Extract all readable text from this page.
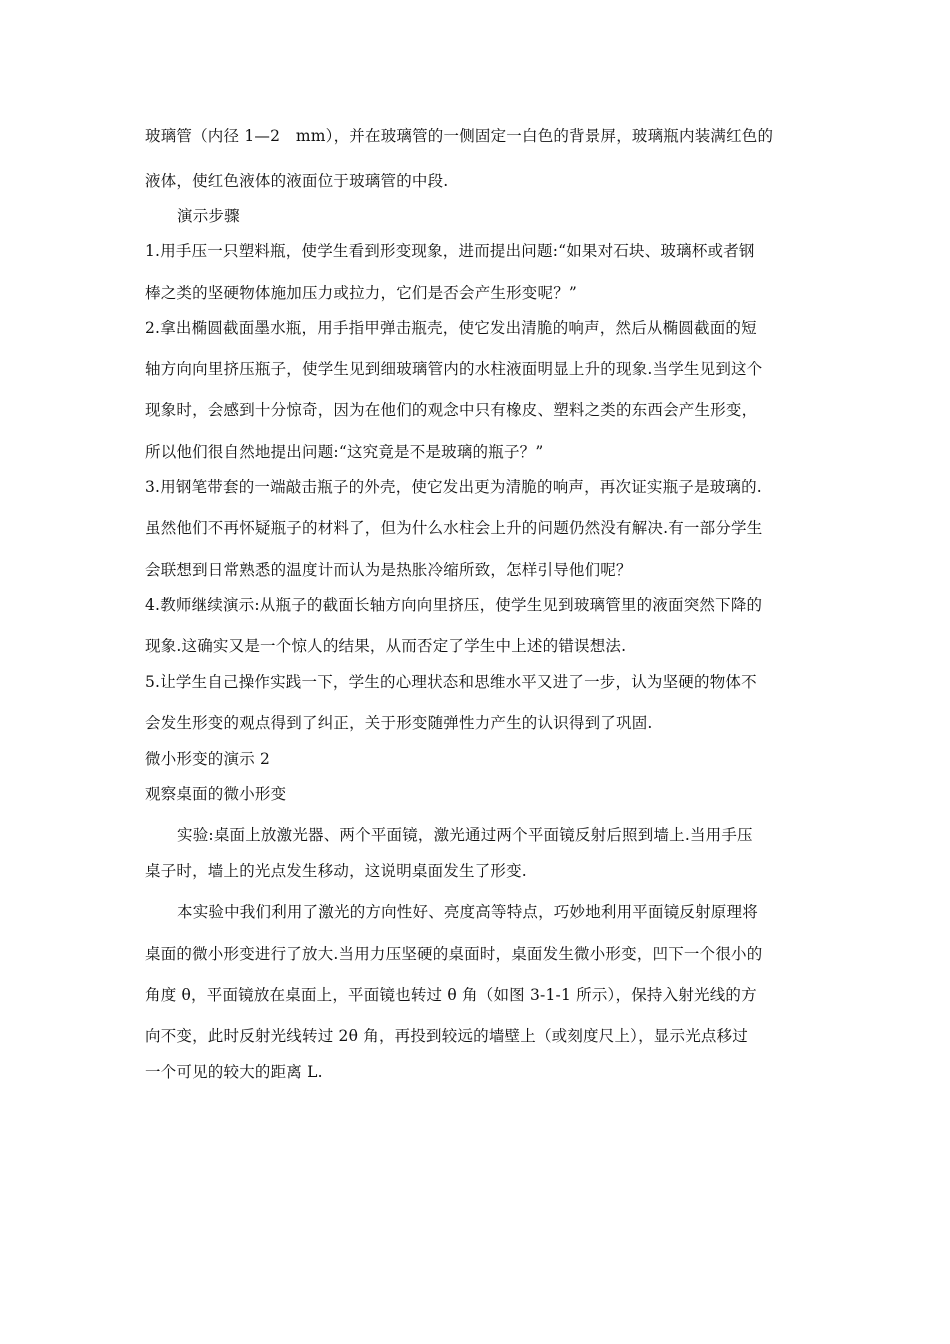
玻璃管（内径 1—2　mm），并在玻璃管的一侧固定一白色的背景屏，玻璃瓶内装满红色的
液体，使红色液体的液面位于玻璃管的中段.
演示步骤
1.用手压一只塑料瓶，使学生看到形变现象，进而提出问题:“如果对石块、玻璃杯或者钢
棒之类的坚硬物体施加压力或拉力，它们是否会产生形变呢？”
2.拿出椭圆截面墨水瓶，用手指甲弹击瓶壳，使它发出清脆的响声，然后从椭圆截面的短
轴方向向里挤压瓶子，使学生见到细玻璃管内的水柱液面明显上升的现象.当学生见到这个
现象时，会感到十分惊奇，因为在他们的观念中只有橡皮、塑料之类的东西会产生形变，
所以他们很自然地提出问题:“这究竟是不是玻璃的瓶子？”
3.用钢笔带套的一端敲击瓶子的外壳，使它发出更为清脆的响声，再次证实瓶子是玻璃的.
虽然他们不再怀疑瓶子的材料了，但为什么水柱会上升的问题仍然没有解决.有一部分学生
会联想到日常熟悉的温度计而认为是热胀冷缩所致，怎样引导他们呢？
4.教师继续演示:从瓶子的截面长轴方向向里挤压，使学生见到玻璃管里的液面突然下降的
现象.这确实又是一个惊人的结果，从而否定了学生中上述的错误想法.
5.让学生自己操作实践一下，学生的心理状态和思维水平又进了一步，认为坚硬的物体不
会发生形变的观点得到了纠正，关于形变随弹性力产生的认识得到了巩固.
微小形变的演示 2
观察桌面的微小形变
实验:桌面上放激光器、两个平面镜，激光通过两个平面镜反射后照到墙上.当用手压
桌子时，墙上的光点发生移动，这说明桌面发生了形变.
本实验中我们利用了激光的方向性好、亮度高等特点，巧妙地利用平面镜反射原理将
桌面的微小形变进行了放大.当用力压坚硬的桌面时，桌面发生微小形变，凹下一个很小的
角度 θ，平面镜放在桌面上，平面镜也转过 θ 角（如图 3-1-1 所示），保持入射光线的方
向不变，此时反射光线转过 2θ 角，再投到较远的墙壁上（或刻度尺上），显示光点移过
一个可见的较大的距离 L.
